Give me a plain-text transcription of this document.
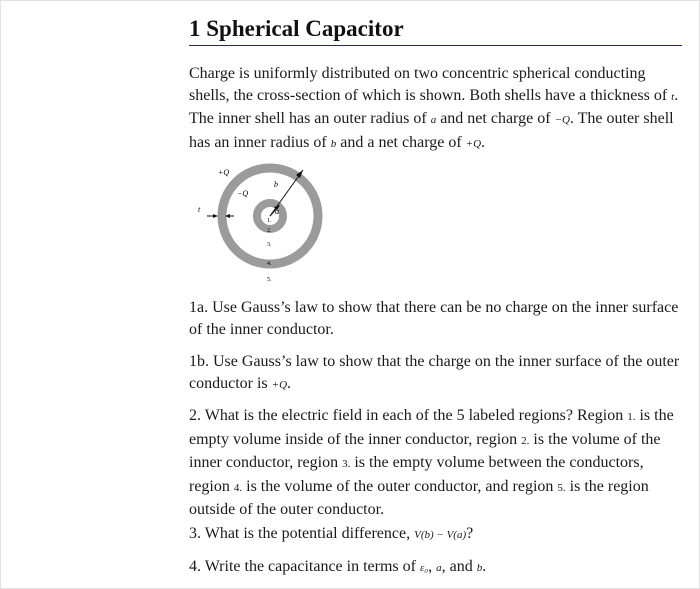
1 Spherical Capacitor

Charge is uniformly distributed on two concentric spherical conducting shells, the cross-section of which is shown. Both shells have a thickness of t. The inner shell has an outer radius of a and net charge of −Q. The outer shell has an inner radius of b and a net charge of +Q.

+Q
−Q
b
a
t
1.
2.
3.
4.
5.

1a. Use Gauss’s law to show that there can be no charge on the inner surface of the inner conductor.

1b. Use Gauss’s law to show that the charge on the inner surface of the outer conductor is +Q.

2. What is the electric field in each of the 5 labeled regions? Region 1. is the empty volume inside of the inner conductor, region 2. is the volume of the inner conductor, region 3. is the empty volume between the conductors, region 4. is the volume of the outer conductor, and region 5. is the region outside of the outer conductor.

3. What is the potential difference, V(b) − V(a)?

4. Write the capacitance in terms of ε₀, a, and b.
